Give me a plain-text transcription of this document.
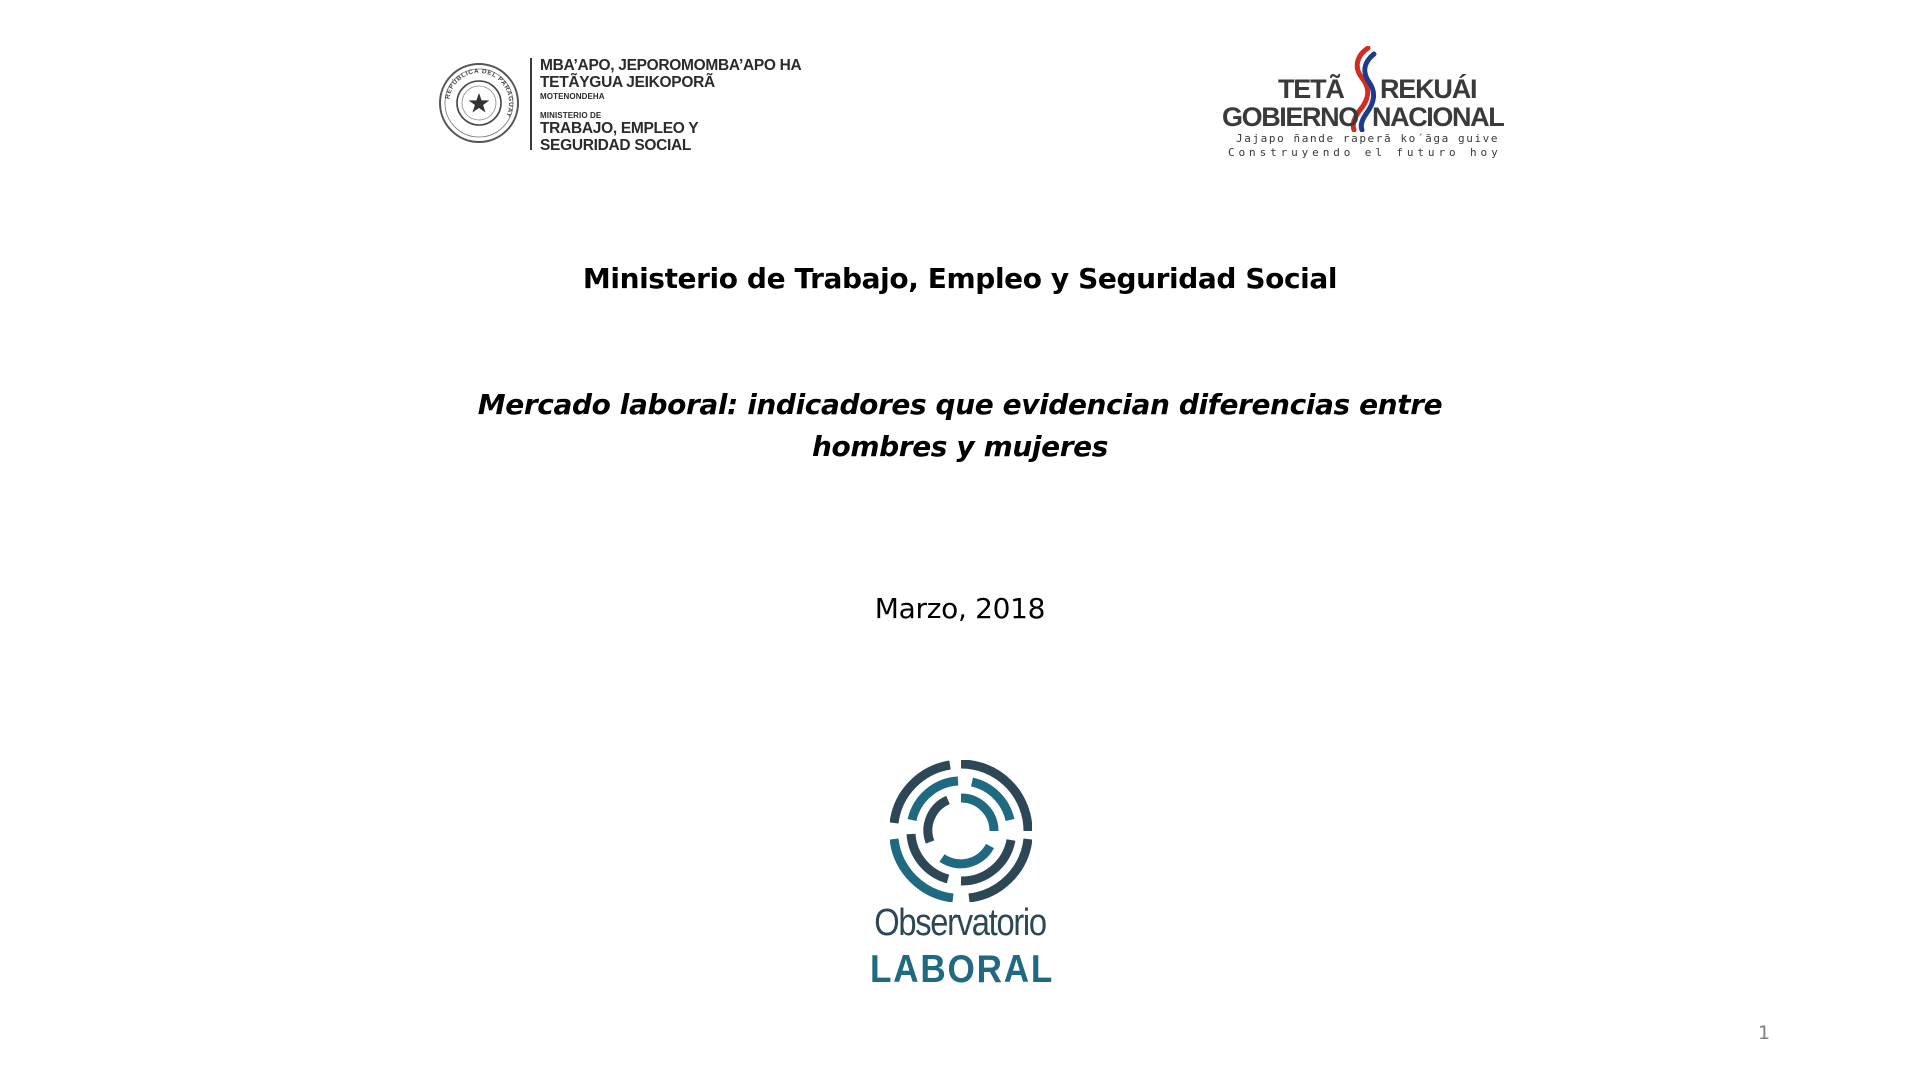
REPÚBLICA DEL PARAGUAY
MBA’APO, JEPOROMOMBA’APO HA
TETÃYGUA JEIKOPORÃ
MOTENONDEHA
MINISTERIO DE
TRABAJO, EMPLEO Y
SEGURIDAD SOCIAL
TETÃ REKUÁI
GOBIERNO NACIONAL
Jajapo ñande raperã ko´ãga guive
Construyendo el futuro hoy
Ministerio de Trabajo, Empleo y Seguridad Social
Mercado laboral: indicadores que evidencian diferencias entre hombres y mujeres
Marzo, 2018
Observatorio
LABORAL
1
